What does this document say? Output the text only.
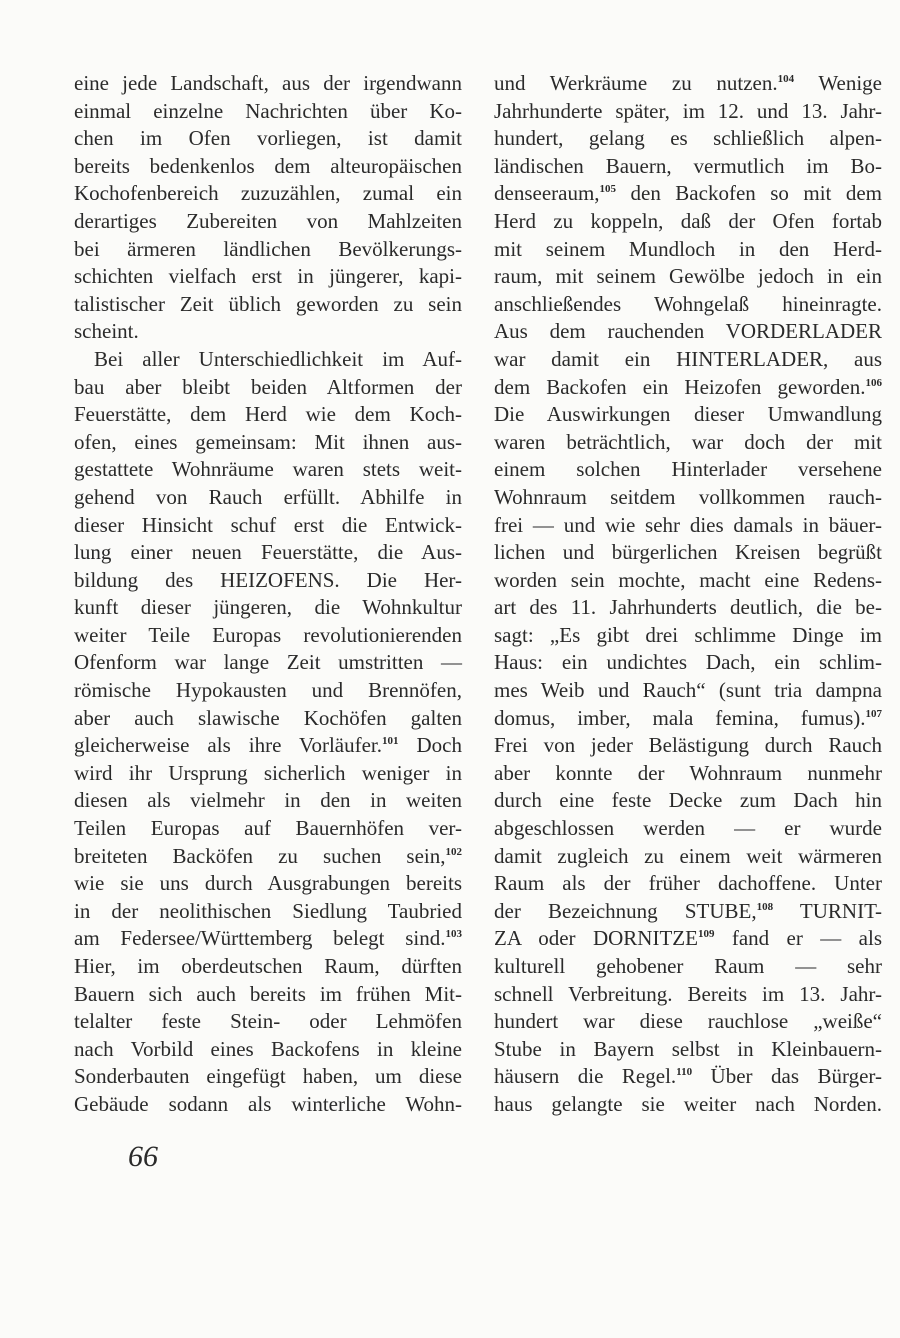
eine jede Landschaft, aus der irgendwann
einmal einzelne Nachrichten über Ko-
chen im Ofen vorliegen, ist damit
bereits bedenkenlos dem alteuropäischen
Kochofenbereich zuzuzählen, zumal ein
derartiges Zubereiten von Mahlzeiten
bei ärmeren ländlichen Bevölkerungs-
schichten vielfach erst in jüngerer, kapi-
talistischer Zeit üblich geworden zu sein
scheint.
Bei aller Unterschiedlichkeit im Auf-
bau aber bleibt beiden Altformen der
Feuerstätte, dem Herd wie dem Koch-
ofen, eines gemeinsam: Mit ihnen aus-
gestattete Wohnräume waren stets weit-
gehend von Rauch erfüllt. Abhilfe in
dieser Hinsicht schuf erst die Entwick-
lung einer neuen Feuerstätte, die Aus-
bildung des HEIZOFENS. Die Her-
kunft dieser jüngeren, die Wohnkultur
weiter Teile Europas revolutionierenden
Ofenform war lange Zeit umstritten —
römische Hypokausten und Brennöfen,
aber auch slawische Kochöfen galten
gleicherweise als ihre Vorläufer.$^{101}$ Doch
wird ihr Ursprung sicherlich weniger in
diesen als vielmehr in den in weiten
Teilen Europas auf Bauernhöfen ver-
breiteten Backöfen zu suchen sein,$^{102}$
wie sie uns durch Ausgrabungen bereits
in der neolithischen Siedlung Taubried
am Federsee/Württemberg belegt sind.$^{103}$
Hier, im oberdeutschen Raum, dürften
Bauern sich auch bereits im frühen Mit-
telalter feste Stein- oder Lehmöfen
nach Vorbild eines Backofens in kleine
Sonderbauten eingefügt haben, um diese
Gebäude sodann als winterliche Wohn-
und Werkräume zu nutzen.$^{104}$ Wenige
Jahrhunderte später, im 12. und 13. Jahr-
hundert, gelang es schließlich alpen-
ländischen Bauern, vermutlich im Bo-
denseeraum,$^{105}$ den Backofen so mit dem
Herd zu koppeln, daß der Ofen fortab
mit seinem Mundloch in den Herd-
raum, mit seinem Gewölbe jedoch in ein
anschließendes Wohngelaß hineinragte.
Aus dem rauchenden VORDERLADER
war damit ein HINTERLADER, aus
dem Backofen ein Heizofen geworden.$^{106}$
Die Auswirkungen dieser Umwandlung
waren beträchtlich, war doch der mit
einem solchen Hinterlader versehene
Wohnraum seitdem vollkommen rauch-
frei — und wie sehr dies damals in bäuer-
lichen und bürgerlichen Kreisen begrüßt
worden sein mochte, macht eine Redens-
art des 11. Jahrhunderts deutlich, die be-
sagt: „Es gibt drei schlimme Dinge im
Haus: ein undichtes Dach, ein schlim-
mes Weib und Rauch“ (sunt tria dampna
domus, imber, mala femina, fumus).$^{107}$
Frei von jeder Belästigung durch Rauch
aber konnte der Wohnraum nunmehr
durch eine feste Decke zum Dach hin
abgeschlossen werden — er wurde
damit zugleich zu einem weit wärmeren
Raum als der früher dachoffene. Unter
der Bezeichnung STUBE,$^{108}$ TURNIT-
ZA oder DORNITZE$^{109}$ fand er — als
kulturell gehobener Raum — sehr
schnell Verbreitung. Bereits im 13. Jahr-
hundert war diese rauchlose „weiße“
Stube in Bayern selbst in Kleinbauern-
häusern die Regel.$^{110}$ Über das Bürger-
haus gelangte sie weiter nach Norden.
66
